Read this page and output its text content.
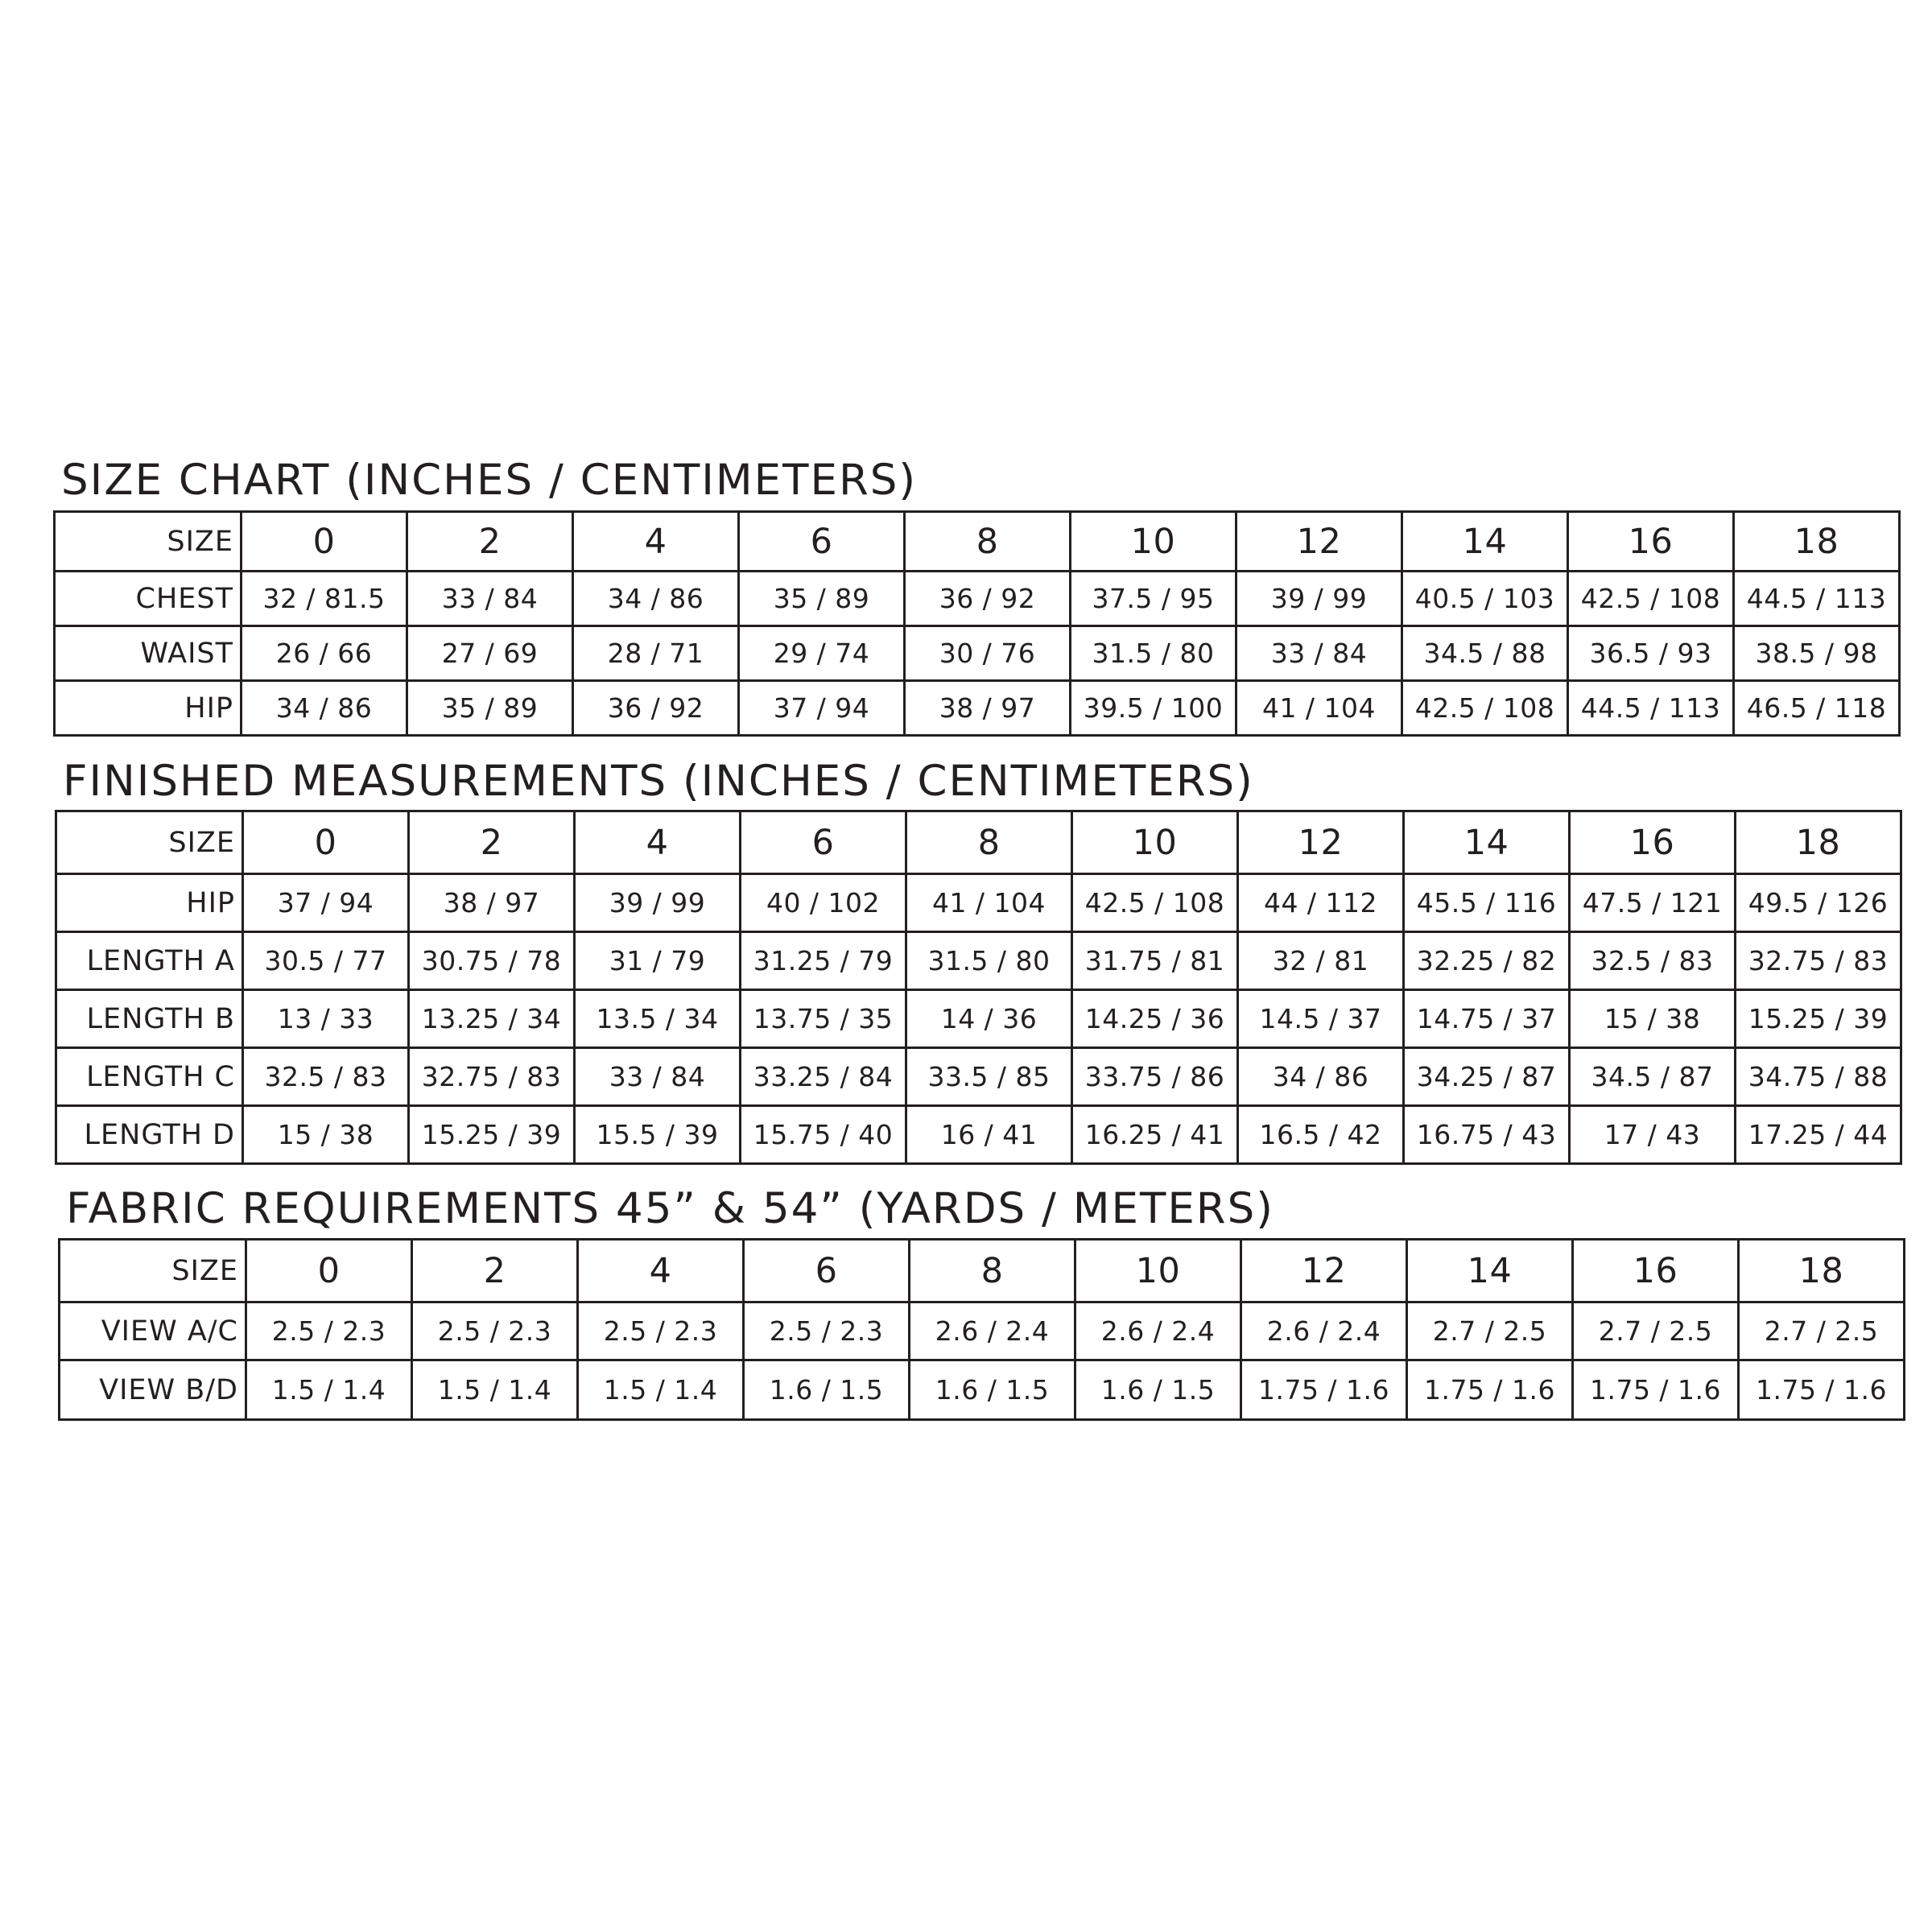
SIZE CHART (INCHES / CENTIMETERS)
SIZE	0	2	4	6	8	10	12	14	16	18
CHEST	32 / 81.5	33 / 84	34 / 86	35 / 89	36 / 92	37.5 / 95	39 / 99	40.5 / 103	42.5 / 108	44.5 / 113
WAIST	26 / 66	27 / 69	28 / 71	29 / 74	30 / 76	31.5 / 80	33 / 84	34.5 / 88	36.5 / 93	38.5 / 98
HIP	34 / 86	35 / 89	36 / 92	37 / 94	38 / 97	39.5 / 100	41 / 104	42.5 / 108	44.5 / 113	46.5 / 118
FINISHED MEASUREMENTS (INCHES / CENTIMETERS)
SIZE	0	2	4	6	8	10	12	14	16	18
HIP	37 / 94	38 / 97	39 / 99	40 / 102	41 / 104	42.5 / 108	44 / 112	45.5 / 116	47.5 / 121	49.5 / 126
LENGTH A	30.5 / 77	30.75 / 78	31 / 79	31.25 / 79	31.5 / 80	31.75 / 81	32 / 81	32.25 / 82	32.5 / 83	32.75 / 83
LENGTH B	13 / 33	13.25 / 34	13.5 / 34	13.75 / 35	14 / 36	14.25 / 36	14.5 / 37	14.75 / 37	15 / 38	15.25 / 39
LENGTH C	32.5 / 83	32.75 / 83	33 / 84	33.25 / 84	33.5 / 85	33.75 / 86	34 / 86	34.25 / 87	34.5 / 87	34.75 / 88
LENGTH D	15 / 38	15.25 / 39	15.5 / 39	15.75 / 40	16 / 41	16.25 / 41	16.5 / 42	16.75 / 43	17 / 43	17.25 / 44
FABRIC REQUIREMENTS 45” & 54” (YARDS / METERS)
SIZE	0	2	4	6	8	10	12	14	16	18
VIEW A/C	2.5 / 2.3	2.5 / 2.3	2.5 / 2.3	2.5 / 2.3	2.6 / 2.4	2.6 / 2.4	2.6 / 2.4	2.7 / 2.5	2.7 / 2.5	2.7 / 2.5
VIEW B/D	1.5 / 1.4	1.5 / 1.4	1.5 / 1.4	1.6 / 1.5	1.6 / 1.5	1.6 / 1.5	1.75 / 1.6	1.75 / 1.6	1.75 / 1.6	1.75 / 1.6
